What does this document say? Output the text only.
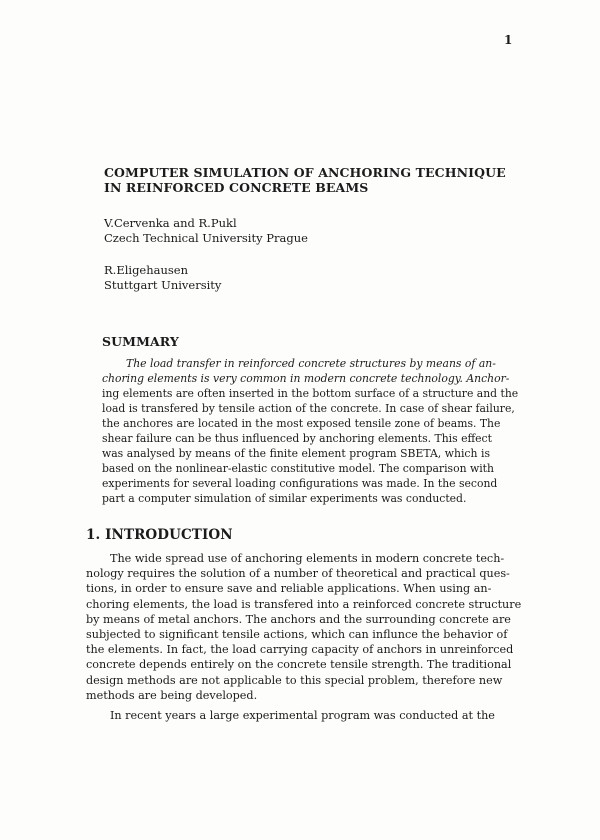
1
COMPUTER SIMULATION OF ANCHORING TECHNIQUE
IN REINFORCED CONCRETE BEAMS
V.Cervenka and R.Pukl
Czech Technical University Prague
R.Eligehausen
Stuttgart University
SUMMARY
The load transfer in reinforced concrete structures by means of an-
choring elements is very common in modern concrete technology. Anchor-
ing elements are often inserted in the bottom surface of a structure and the
load is transfered by tensile action of the concrete. In case of shear failure,
the anchores are located in the most exposed tensile zone of beams. The
shear failure can be thus influenced by anchoring elements. This effect
was analysed by means of the finite element program SBETA, which is
based on the nonlinear-elastic constitutive model. The comparison with
experiments for several loading configurations was made. In the second
part a computer simulation of similar experiments was conducted.
1. INTRODUCTION
The wide spread use of anchoring elements in modern concrete tech-
nology requires the solution of a number of theoretical and practical ques-
tions, in order to ensure save and reliable applications. When using an-
choring elements, the load is transfered into a reinforced concrete structure
by means of metal anchors. The anchors and the surrounding concrete are
subjected to significant tensile actions, which can influnce the behavior of
the elements. In fact, the load carrying capacity of anchors in unreinforced
concrete depends entirely on the concrete tensile strength. The traditional
design methods are not applicable to this special problem, therefore new
methods are being developed.
In recent years a large experimental program was conducted at the
